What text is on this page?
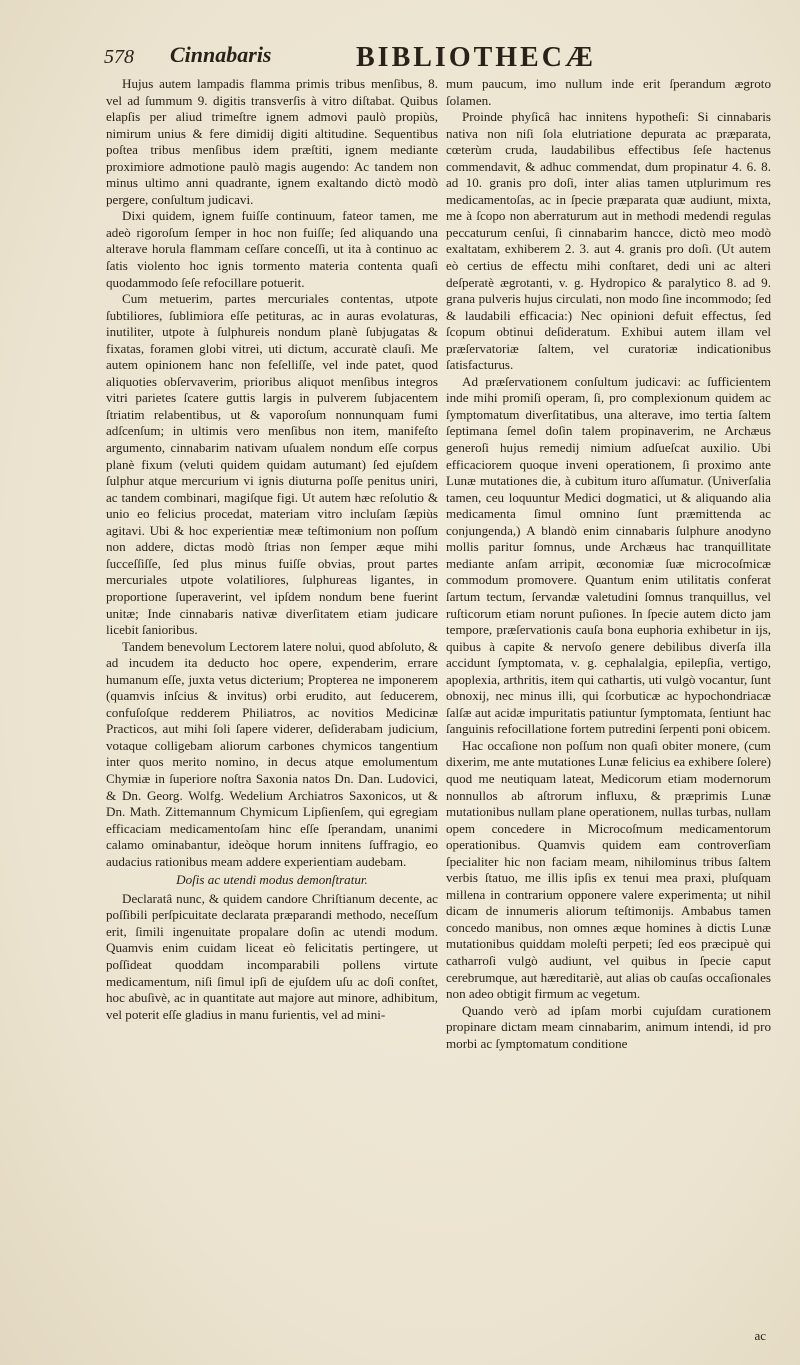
578 Cinnabaris	BIBLIOTHECÆ

Hujus autem lampadis flamma primis tribus menſibus, 8. vel ad ſummum 9. digitis transverſis à vitro diſtabat. Quibus elapſis per aliud trimeſtre ignem admovi paulò propiùs, nimirum unius & fere dimidij digiti altitudine. Sequentibus poſtea tribus menſibus idem præſtiti, ignem mediante proximiore admotione paulò magis augendo: Ac tandem non minus ultimo anni quadrante, ignem exaltando dictò modò pergere, conſultum judicavi.

Dixi quidem, ignem fuiſſe continuum, fateor tamen, me adeò rigoroſum ſemper in hoc non fuiſſe; ſed aliquando una alterave horula flammam ceſſare conceſſi, ut ita à continuo ac ſatis violento hoc ignis tormento materia contenta quaſi quodammodo ſeſe refocillare potuerit.

Cum metuerim, partes mercuriales contentas, utpote ſubtiliores, ſublimiora eſſe petituras, ac in auras evolaturas, inutiliter, utpote à ſulphureis nondum planè ſubjugatas & fixatas, foramen globi vitrei, uti dictum, accuratè clauſi. Me autem opinionem hanc non feſelliſſe, vel inde patet, quod aliquoties obſervaverim, prioribus aliquot menſibus integros vitri parietes ſcatere guttis largis in pulverem ſubjacentem ſtriatim relabentibus, ut & vaporoſum nonnunquam fumi adſcenſum; in ultimis vero menſibus non item, manifeſto argumento, cinnabarim nativam uſualem nondum eſſe corpus planè fixum (veluti quidem quidam autumant) ſed ejuſdem ſulphur atque mercurium vi ignis diuturna poſſe penitus uniri, ac tandem combinari, magiſque figi. Ut autem hæc reſolutio & unio eo felicius procedat, materiam vitro incluſam ſæpiùs agitavi. Ubi & hoc experientiæ meæ teſtimonium non poſſum non addere, dictas modò ſtrias non ſemper æque mihi ſucceſſiſſe, ſed plus minus fuiſſe obvias, prout partes mercuriales utpote volatiliores, ſulphureas ligantes, in proportione ſuperaverint, vel ipſdem nondum bene fuerint unitæ; Inde cinnabaris nativæ diverſitatem etiam judicare licebit ſanioribus.

Tandem benevolum Lectorem latere nolui, quod abſoluto, & ad incudem ita deducto hoc opere, expenderim, errare humanum eſſe, juxta vetus dicterium; Propterea ne imponerem (quamvis inſcius & invitus) orbi erudito, aut ſeducerem, confuſoſque redderem Philiatros, ac novitios Medicinæ Practicos, aut mihi ſoli ſapere viderer, deſiderabam judicium, votaque colligebam aliorum carbones chymicos tangentium inter quos merito nomino, in decus atque emolumentum Chymiæ in ſuperiore noſtra Saxonia natos Dn. Dan. Ludovici, & Dn. Georg. Wolfg. Wedelium Archiatros Saxonicos, ut & Dn. Math. Zittemannum Chymicum Lipſienſem, qui egregiam efficaciam medicamentoſam hinc eſſe ſperandam, unanimi calamo ominabantur, ideòque horum innitens ſuffragio, eo audacius rationibus meam addere experientiam audebam.

Doſis ac utendi modus demonſtratur.

Declaratâ nunc, & quidem candore Chriſtianum decente, ac poſſibili perſpicuitate declarata præparandi methodo, neceſſum erit, ſimili ingenuitate propalare doſin ac utendi modum. Quamvis enim cuidam liceat eò felicitatis pertingere, ut poſſideat quoddam incomparabili pollens virtute medicamentum, niſi ſimul ipſi de ejuſdem uſu ac doſi conſtet, hoc abuſivè, ac in quantitate aut majore aut minore, adhibitum, vel poterit eſſe gladius in manu furientis, vel ad mini-

mum paucum, imo nullum inde erit ſperandum ægroto ſolamen.

Proinde phyſicâ hac innitens hypotheſi: Si cinnabaris nativa non niſi ſola elutriatione depurata ac præparata, cœterùm cruda, laudabilibus effectibus ſeſe hactenus commendavit, & adhuc commendat, dum propinatur 4. 6. 8. ad 10. granis pro doſi, inter alias tamen utplurimum res medicamentoſas, ac in ſpecie præparata quæ audiunt, mixta, me à ſcopo non aberraturum aut in methodi medendi regulas peccaturum cenſui, ſi cinnabarim hancce, dictò meo modò exaltatam, exhiberem 2. 3. aut 4. granis pro doſi. (Ut autem eò certius de effectu mihi conſtaret, dedi uni ac alteri deſperatè ægrotanti, v. g. Hydropico & paralytico 8. ad 9. grana pulveris hujus circulati, non modo ſine incommodo; ſed & laudabili efficacia:) Nec opinioni defuit effectus, ſed ſcopum obtinui deſideratum. Exhibui autem illam vel præſervatoriæ ſaltem, vel curatoriæ indicationibus ſatisfacturus.

Ad præſervationem conſultum judicavi: ac ſufficientem inde mihi promiſi operam, ſi, pro complexionum quidem ac ſymptomatum diverſitatibus, una alterave, imo tertia ſaltem ſeptimana ſemel doſin talem propinaverim, ne Archæus generoſi hujus remedij nimium adſueſcat auxilio. Ubi efficaciorem quoque inveni operationem, ſi proximo ante Lunæ mutationes die, à cubitum ituro aſſumatur. (Univerſalia tamen, ceu loquuntur Medici dogmatici, ut & aliquando alia medicamenta ſimul omnino ſunt præmittenda ac conjungenda,) A blandò enim cinnabaris ſulphure anodyno mollis paritur ſomnus, unde Archæus hac tranquillitate mediante anſam arripit, œconomiæ ſuæ microcoſmicæ commodum promovere. Quantum enim utilitatis conferat ſartum tectum, ſervandæ valetudini ſomnus tranquillus, vel ruſticorum etiam norunt puſiones. In ſpecie autem dicto jam tempore, præſervationis cauſa bona euphoria exhibetur in ijs, quibus à capite & nervoſo genere debilibus diverſa illa accidunt ſymptomata, v. g. cephalalgia, epilepſia, vertigo, apoplexia, arthritis, item qui cathartis, uti vulgò vocantur, ſunt obnoxij, nec minus illi, qui ſcorbuticæ ac hypochondriacæ ſalſæ aut acidæ impuritatis patiuntur ſymptomata, ſentiunt hac ſanguinis refocillatione fortem putredini ſerpenti poni obicem.

Hac occaſione non poſſum non quaſi obiter monere, (cum dixerim, me ante mutationes Lunæ felicius ea exhibere ſolere) quod me neutiquam lateat, Medicorum etiam modernorum nonnullos ab aſtrorum influxu, & præprimis Lunæ mutationibus nullam plane operationem, nullas turbas, nullam opem concedere in Microcoſmum medicamentorum operationibus. Quamvis quidem eam controverſiam ſpecialiter hic non faciam meam, nihilominus tribus ſaltem verbis ſtatuo, me illis ipſis ex tenui mea praxi, pluſquam millena in contrarium opponere valere experimenta; ut nihil dicam de innumeris aliorum teſtimonijs. Ambabus tamen concedo manibus, non omnes æque homines à dictis Lunæ mutationibus quiddam moleſti perpeti; ſed eos præcipuè qui catharroſi vulgò audiunt, vel quibus in ſpecie caput cerebrumque, aut hæreditariè, aut alias ob cauſas occaſionales non adeo obtigit firmum ac vegetum.

Quando verò ad ipſam morbi cujuſdam curationem propinare dictam meam cinnabarim, animum intendi, id pro morbi ac ſymptomatum conditione

ac
